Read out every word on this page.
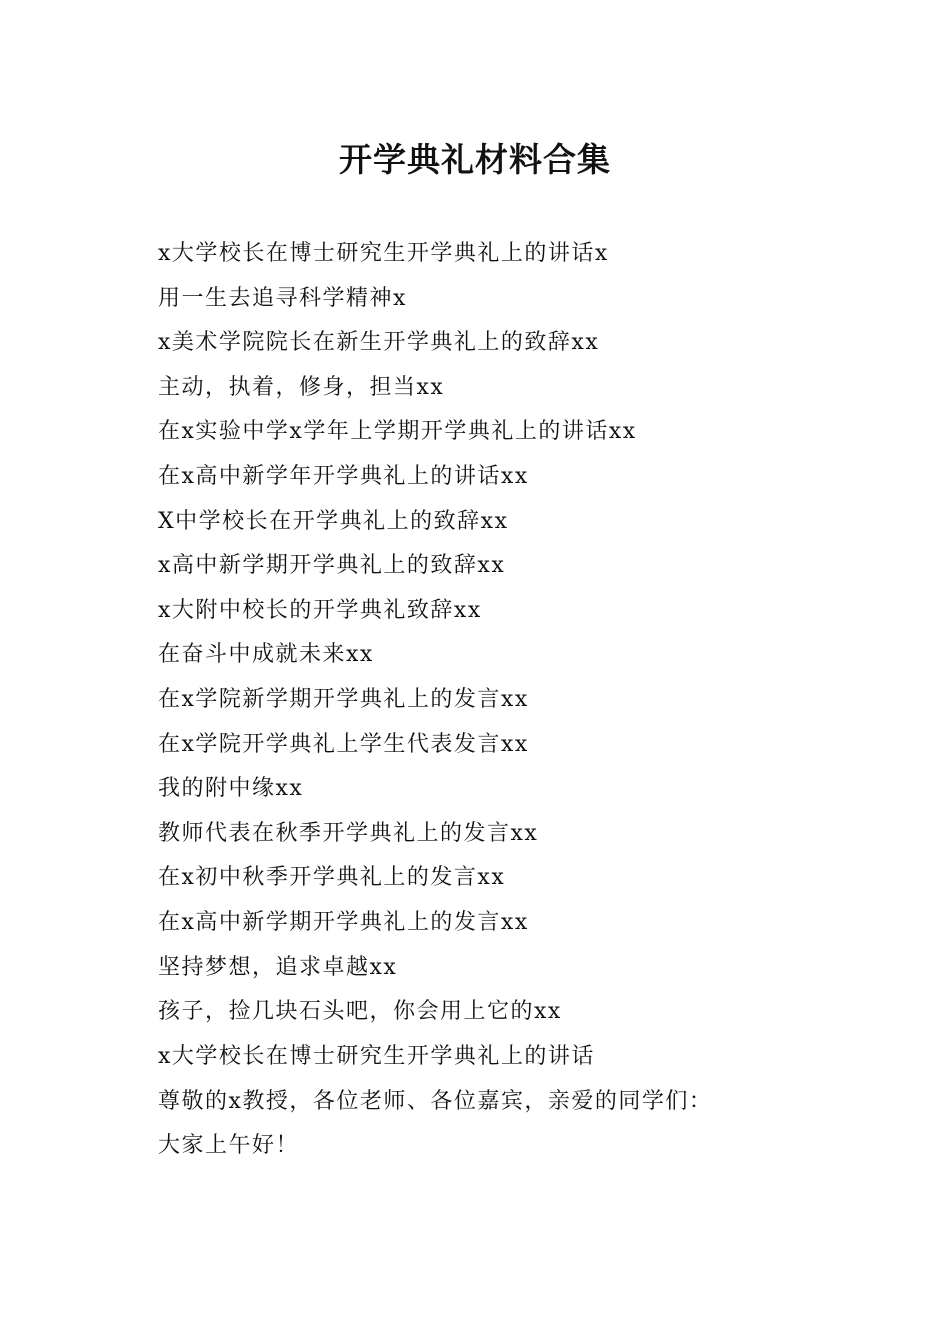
开学典礼材料合集
x大学校长在博士研究生开学典礼上的讲话x
用一生去追寻科学精神x
x美术学院院长在新生开学典礼上的致辞xx
主动，执着，修身，担当xx
在x实验中学x学年上学期开学典礼上的讲话xx
在x高中新学年开学典礼上的讲话xx
X中学校长在开学典礼上的致辞xx
x高中新学期开学典礼上的致辞xx
x大附中校长的开学典礼致辞xx
在奋斗中成就未来xx
在x学院新学期开学典礼上的发言xx
在x学院开学典礼上学生代表发言xx
我的附中缘xx
教师代表在秋季开学典礼上的发言xx
在x初中秋季开学典礼上的发言xx
在x高中新学期开学典礼上的发言xx
坚持梦想，追求卓越xx
孩子，捡几块石头吧，你会用上它的xx

x大学校长在博士研究生开学典礼上的讲话

尊敬的x教授，各位老师、各位嘉宾，亲爱的同学们：

大家上午好！
